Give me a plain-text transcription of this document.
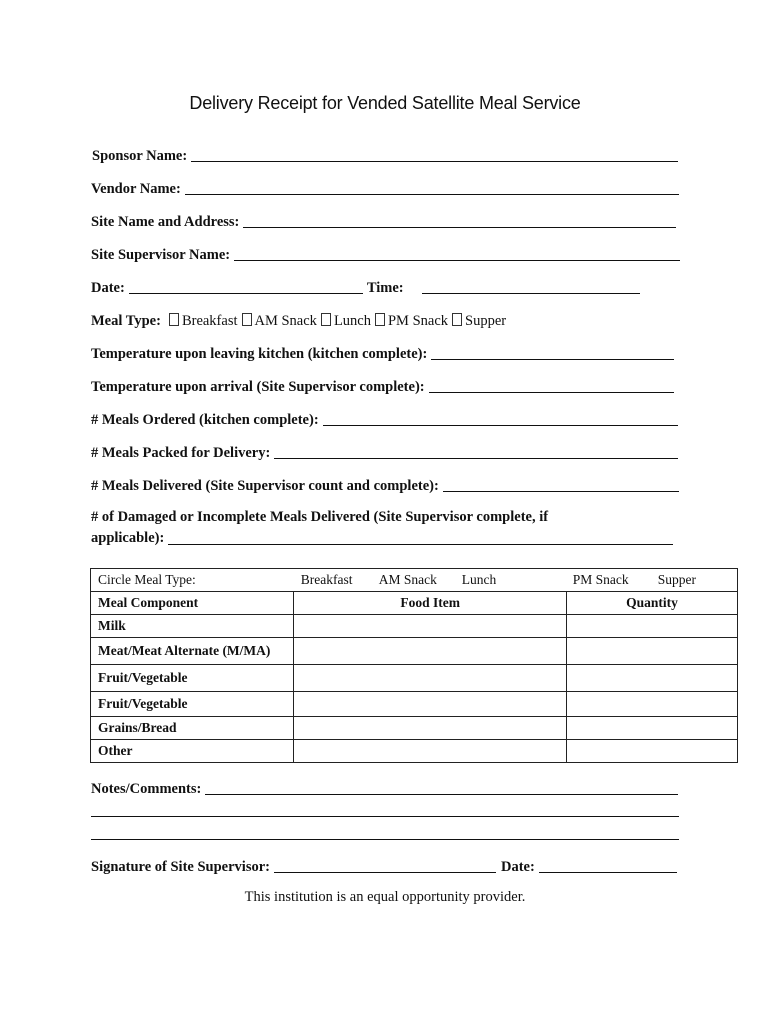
Delivery Receipt for Vended Satellite Meal Service
Sponsor Name:
Vendor Name:
Site Name and Address:
Site Supervisor Name:
Date:	Time:
Meal Type:	Breakfast	AM Snack	Lunch	PM Snack	Supper
Temperature upon leaving kitchen (kitchen complete):
Temperature upon arrival (Site Supervisor complete):
# Meals Ordered (kitchen complete):
# Meals Packed for Delivery:
# Meals Delivered (Site Supervisor count and complete):
# of Damaged or Incomplete Meals Delivered (Site Supervisor complete, if
applicable):
Circle Meal Type:	Breakfast AM Snack Lunch PM Snack Supper	

Meal Component	Food Item	Quantity
Milk		
Meat/Meat Alternate (M/MA)		
Fruit/Vegetable		
Fruit/Vegetable		
Grains/Bread		
Other		
Notes/Comments:
Signature of Site Supervisor:	Date:
This institution is an equal opportunity provider.
